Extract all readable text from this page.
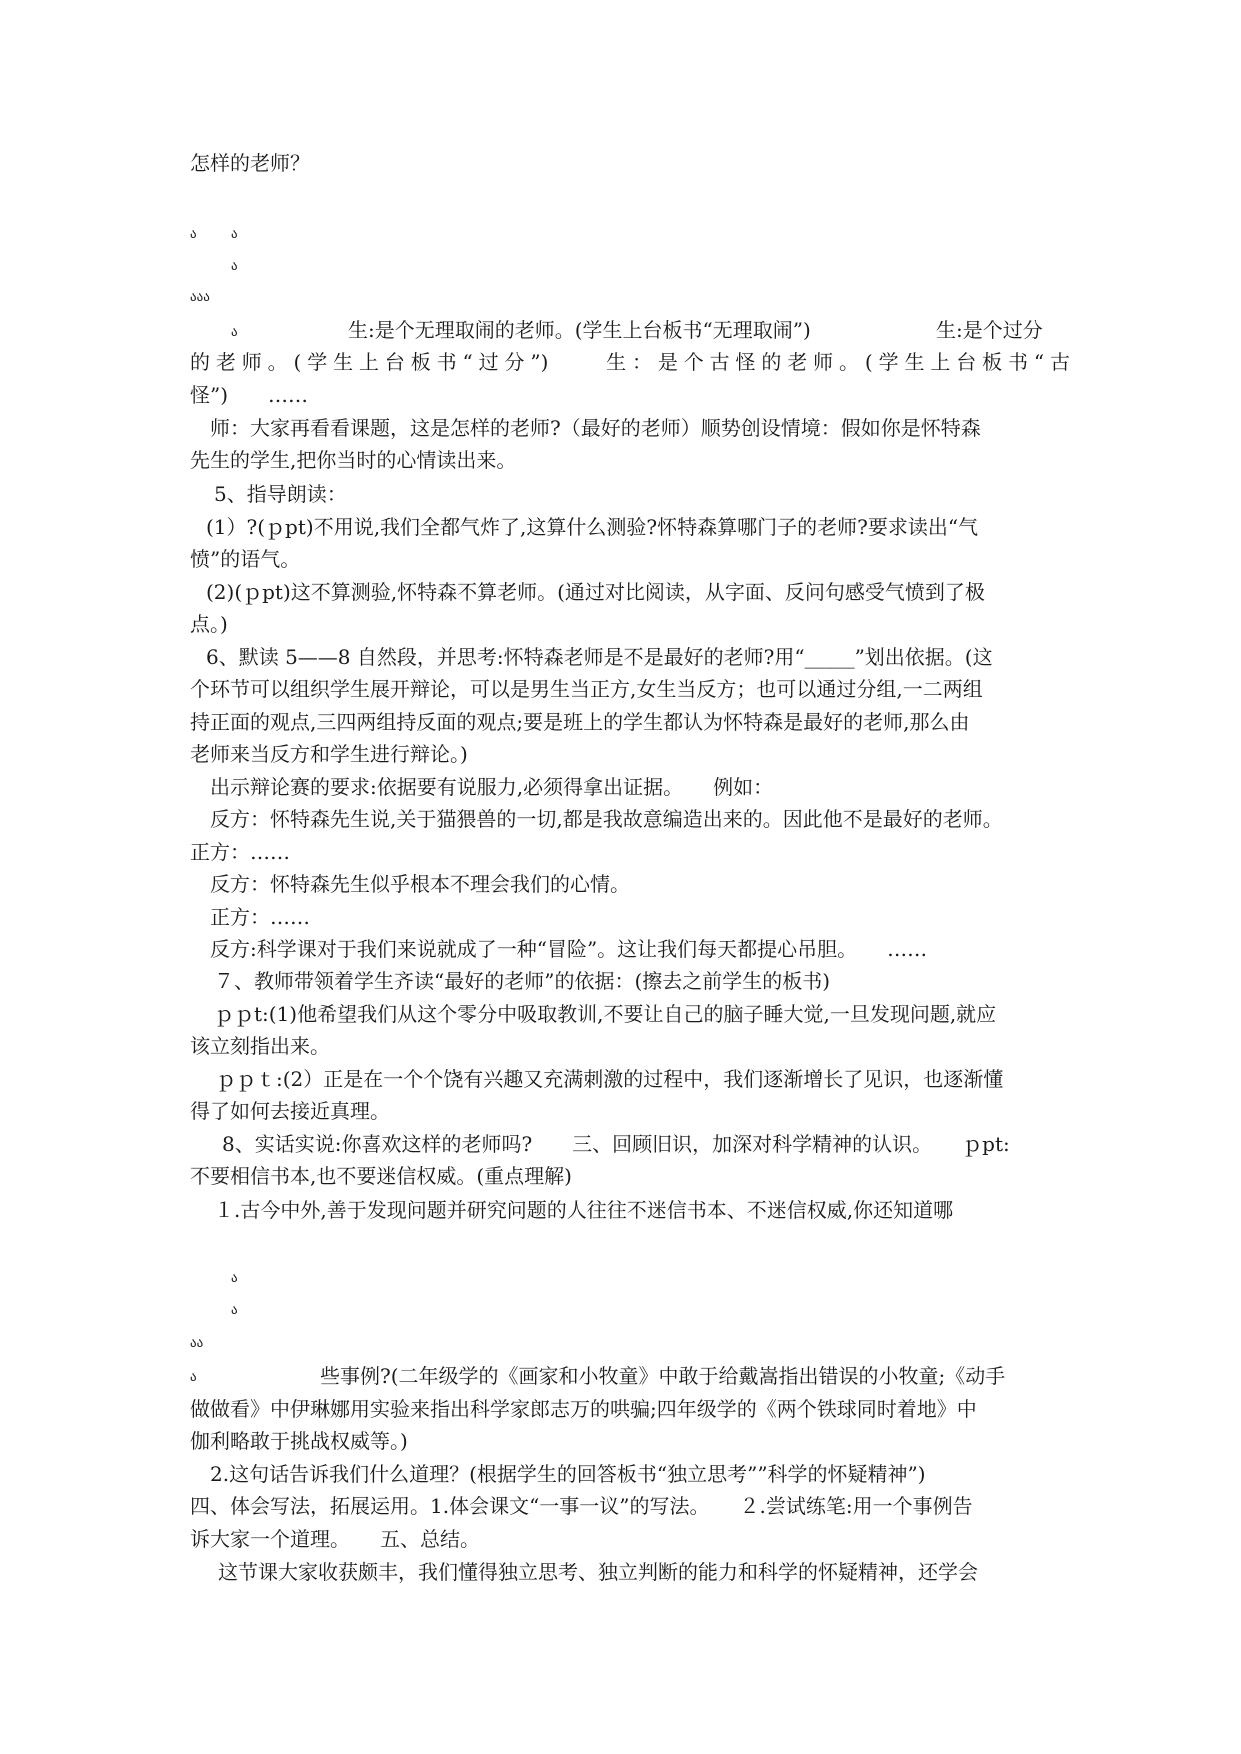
怎样的老师？
ა	ა
ა
ააა
ა	生:是个无理取闹的老师。(学生上台板书“无理取闹”)	生:是个过分
的老师。(学生上台板书“过分”)　　生：是个古怪的老师。(学生上台板书“古
怪”)　　……
师：大家再看看课题，这是怎样的老师?（最好的老师）顺势创设情境：假如你是怀特森
先生的学生,把你当时的心情读出来。
5、指导朗读：
(1）?(ｐpt)不用说,我们全都气炸了,这算什么测验?怀特森算哪门子的老师?要求读出“气
愤”的语气。
(2)(ｐpt)这不算测验,怀特森不算老师。(通过对比阅读，从字面、反问句感受气愤到了极
点。)
6、默读 5——8 自然段，并思考:怀特森老师是不是最好的老师?用“_____”划出依据。(这
个环节可以组织学生展开辩论，可以是男生当正方,女生当反方；也可以通过分组,一二两组
持正面的观点,三四两组持反面的观点;要是班上的学生都认为怀特森是最好的老师,那么由
老师来当反方和学生进行辩论。)
出示辩论赛的要求:依据要有说服力,必须得拿出证据。　　例如：
反方：怀特森先生说,关于猫猥兽的一切,都是我故意编造出来的。因此他不是最好的老师。
正方：……
反方：怀特森先生似乎根本不理会我们的心情。
正方：……
反方:科学课对于我们来说就成了一种“冒险”。这让我们每天都提心吊胆。　　……
７、教师带领着学生齐读“最好的老师”的依据：(擦去之前学生的板书)
ｐｐt:(1)他希望我们从这个零分中吸取教训,不要让自己的脑子睡大觉,一旦发现问题,就应
该立刻指出来。
ｐｐｔ:(2）正是在一个个饶有兴趣又充满刺激的过程中，我们逐渐增长了见识，也逐渐懂
得了如何去接近真理。
8、实话实说:你喜欢这样的老师吗?　　三、回顾旧识，加深对科学精神的认识。　　ｐpt:
不要相信书本,也不要迷信权威。(重点理解)
１.古今中外,善于发现问题并研究问题的人往往不迷信书本、不迷信权威,你还知道哪
ა
ა
აა
ა	些事例?(二年级学的《画家和小牧童》中敢于给戴嵩指出错误的小牧童;《动手
做做看》中伊琳娜用实验来指出科学家郎志万的哄骗;四年级学的《两个铁球同时着地》中
伽利略敢于挑战权威等。)
2.这句话告诉我们什么道理？(根据学生的回答板书“独立思考””科学的怀疑精神”)
四、体会写法，拓展运用。1.体会课文“一事一议”的写法。　　２.尝试练笔:用一个事例告
诉大家一个道理。　　五、总结。
这节课大家收获颇丰，我们懂得独立思考、独立判断的能力和科学的怀疑精神，还学会
